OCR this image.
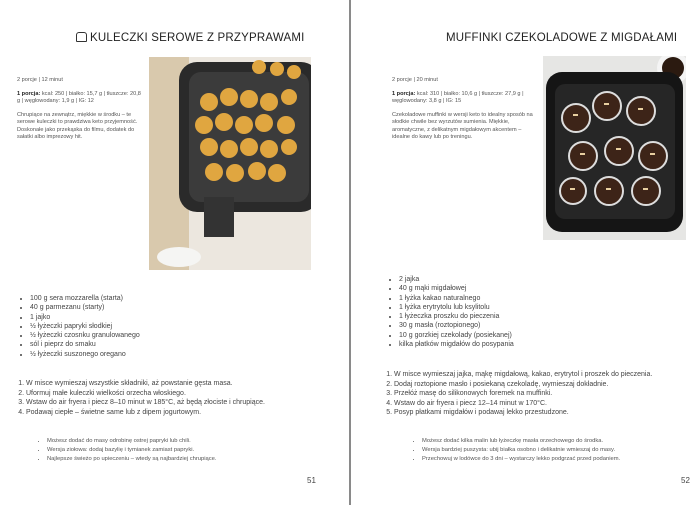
KULECZKI SEROWE Z PRZYPRAWAMI

2 porcje | 12 minut

1 porcja: kcal: 250 | białko: 15,7 g | tłuszcze: 20,8 g | węglowodany: 1,9 g | IG: 12

Chrupiące na zewnątrz, miękkie w środku – te serowe kuleczki to prawdziwa keto przyjemność. Doskonałe jako przekąska do filmu, dodatek do sałatki albo imprezowy hit.

• 100 g sera mozzarella (starta)
• 40 g parmezanu (starty)
• 1 jajko
• ½ łyżeczki papryki słodkiej
• ½ łyżeczki czosnku granulowanego
• sól i pieprz do smaku
• ½ łyżeczki suszonego oregano
1. W misce wymieszaj wszystkie składniki, aż powstanie gęsta masa.
2. Uformuj małe kuleczki wielkości orzecha włoskiego.
3. Wstaw do air fryera i piecz 8–10 minut w 185°C, aż będą złociste i chrupiące.
4. Podawaj ciepłe – świetne same lub z dipem jogurtowym.
• Możesz dodać do masy odrobinę ostrej papryki lub chili.
• Wersja ziołowa: dodaj bazylię i tymianek zamiast papryki.
• Najlepsze świeżo po upieczeniu – wtedy są najbardziej chrupiące.
51
MUFFINKI CZEKOLADOWE Z MIGDAŁAMI

2 porcje | 20 minut

1 porcja: kcal: 310 | białko: 10,6 g | tłuszcze: 27,9 g | węglowodany: 3,8 g | IG: 15

Czekoladowe muffinki w wersji keto to idealny sposób na słodkie chwile bez wyrzutów sumienia. Miękkie, aromatyczne, z delikatnym migdałowym akcentem – idealne do kawy lub po treningu.

• 2 jajka
• 40 g mąki migdałowej
• 1 łyżka kakao naturalnego
• 1 łyżka erytrytolu lub ksylitolu
• 1 łyżeczka proszku do pieczenia
• 30 g masła (roztopionego)
• 10 g gorzkiej czekolady (posiekanej)
• kilka płatków migdałów do posypania
1. W misce wymieszaj jajka, mąkę migdałową, kakao, erytrytol i proszek do pieczenia.
2. Dodaj roztopione masło i posiekaną czekoladę, wymieszaj dokładnie.
3. Przełóż masę do silikonowych foremek na muffinki.
4. Wstaw do air fryera i piecz 12–14 minut w 170°C.
5. Posyp płatkami migdałów i podawaj lekko przestudzone.
• Możesz dodać kilka malin lub łyżeczkę masła orzechowego do środka.
• Wersja bardziej puszysta: ubij białka osobno i delikatnie wmieszaj do masy.
• Przechowuj w lodówce do 3 dni – wystarczy lekko podgrzać przed podaniem.
52
